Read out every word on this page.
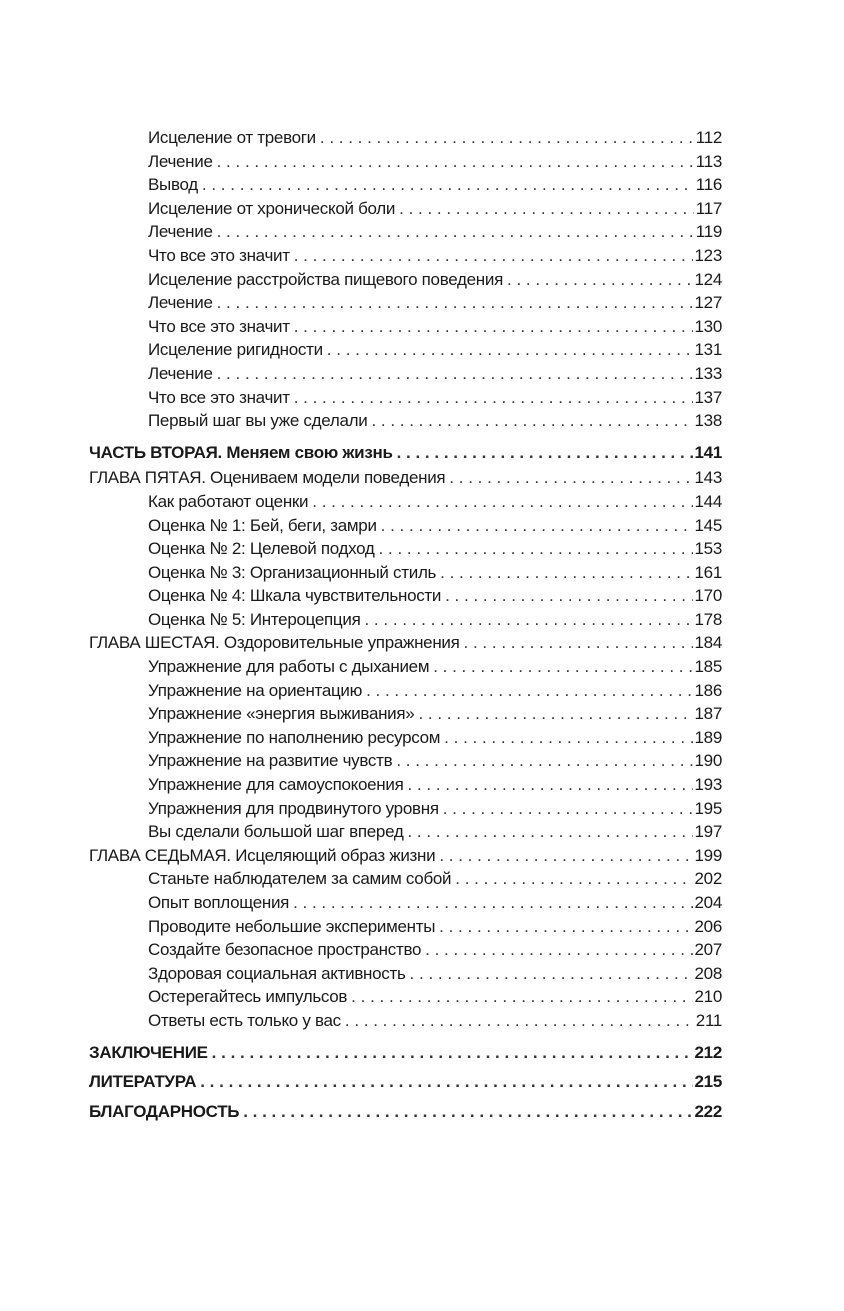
Исцеление от тревоги . . .	112
Лечение . . .	113
Вывод . . .	116
Исцеление от хронической боли . . .	117
Лечение . . .	119
Что все это значит . . .	123
Исцеление расстройства пищевого поведения . . .	124
Лечение . . .	127
Что все это значит . . .	130
Исцеление ригидности . . .	131
Лечение . . .	133
Что все это значит . . .	137
Первый шаг вы уже сделали . . .	138
ЧАСТЬ ВТОРАЯ. Меняем свою жизнь . . .	141
ГЛАВА ПЯТАЯ. Оцениваем модели поведения . . .	143
Как работают оценки . . .	144
Оценка № 1: Бей, беги, замри . . .	145
Оценка № 2: Целевой подход . . .	153
Оценка № 3: Организационный стиль . . .	161
Оценка № 4: Шкала чувствительности . . .	170
Оценка № 5: Интероцепция . . .	178
ГЛАВА ШЕСТАЯ. Оздоровительные упражнения . . .	184
Упражнение для работы с дыханием . . .	185
Упражнение на ориентацию . . .	186
Упражнение «энергия выживания» . . .	187
Упражнение по наполнению ресурсом . . .	189
Упражнение на развитие чувств . . .	190
Упражнение для самоуспокоения . . .	193
Упражнения для продвинутого уровня . . .	195
Вы сделали большой шаг вперед . . .	197
ГЛАВА СЕДЬМАЯ. Исцеляющий образ жизни . . .	199
Станьте наблюдателем за самим собой . . .	202
Опыт воплощения . . .	204
Проводите небольшие эксперименты . . .	206
Создайте безопасное пространство . . .	207
Здоровая социальная активность . . .	208
Остерегайтесь импульсов . . .	210
Ответы есть только у вас . . .	211
ЗАКЛЮЧЕНИЕ . . .	212
ЛИТЕРАТУРА . . .	215
БЛАГОДАРНОСТЬ . . .	222
